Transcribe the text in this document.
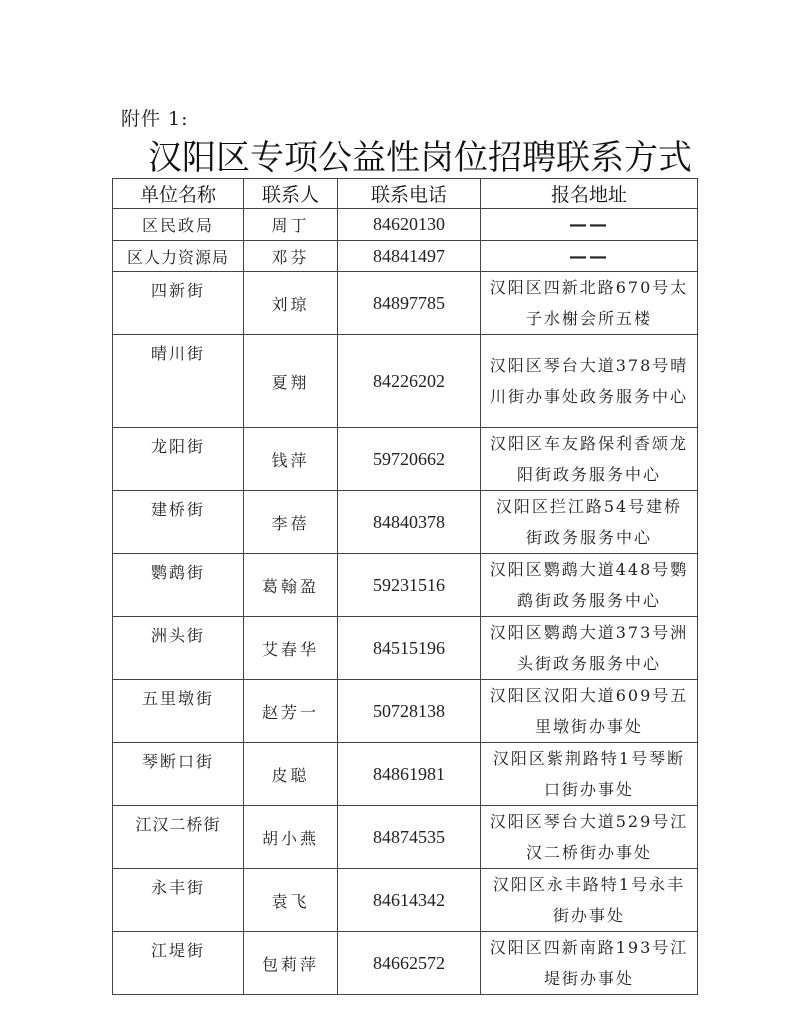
附件 1:
汉阳区专项公益性岗位招聘联系方式
单位名称	联系人	联系电话	报名地址
区民政局	周丁	84620130	——
区人力资源局	邓芬	84841497	——
四新街	刘琼	84897785	汉阳区四新北路670号太子水榭会所五楼
晴川街	夏翔	84226202	汉阳区琴台大道378号晴川街办事处政务服务中心
龙阳街	钱萍	59720662	汉阳区车友路保利香颂龙阳街政务服务中心
建桥街	李蓓	84840378	汉阳区拦江路54号建桥街政务服务中心
鹦鹉街	葛翰盈	59231516	汉阳区鹦鹉大道448号鹦鹉街政务服务中心
洲头街	艾春华	84515196	汉阳区鹦鹉大道373号洲头街政务服务中心
五里墩街	赵芳一	50728138	汉阳区汉阳大道609号五里墩街办事处
琴断口街	皮聪	84861981	汉阳区紫荆路特1号琴断口街办事处
江汉二桥街	胡小燕	84874535	汉阳区琴台大道529号江汉二桥街办事处
永丰街	袁飞	84614342	汉阳区永丰路特1号永丰街办事处
江堤街	包莉萍	84662572	汉阳区四新南路193号江堤街办事处
